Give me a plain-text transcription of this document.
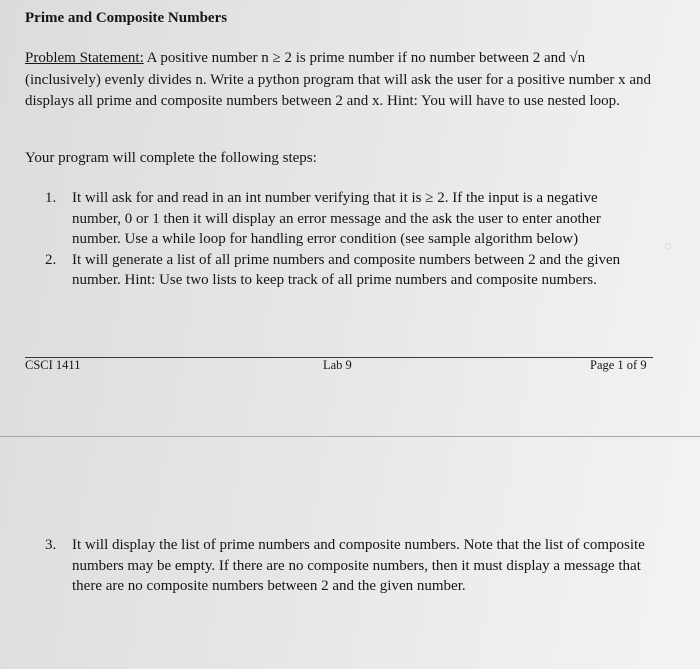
Prime and Composite Numbers
Problem Statement: A positive number n ≥ 2 is prime number if no number between 2 and √n (inclusively) evenly divides n. Write a python program that will ask the user for a positive number x and displays all prime and composite numbers between 2 and x. Hint: You will have to use nested loop.
Your program will complete the following steps:
1.	It will ask for and read in an int number verifying that it is ≥ 2. If the input is a negative number, 0 or 1 then it will display an error message and the ask the user to enter another number. Use a while loop for handling error condition (see sample algorithm below)
2.	It will generate a list of all prime numbers and composite numbers between 2 and the given number. Hint: Use two lists to keep track of all prime numbers and composite numbers.
CSCI 1411	Lab 9	Page 1 of 9
3.	It will display the list of prime numbers and composite numbers. Note that the list of composite numbers may be empty. If there are no composite numbers, then it must display a message that there are no composite numbers between 2 and the given number.
◌
